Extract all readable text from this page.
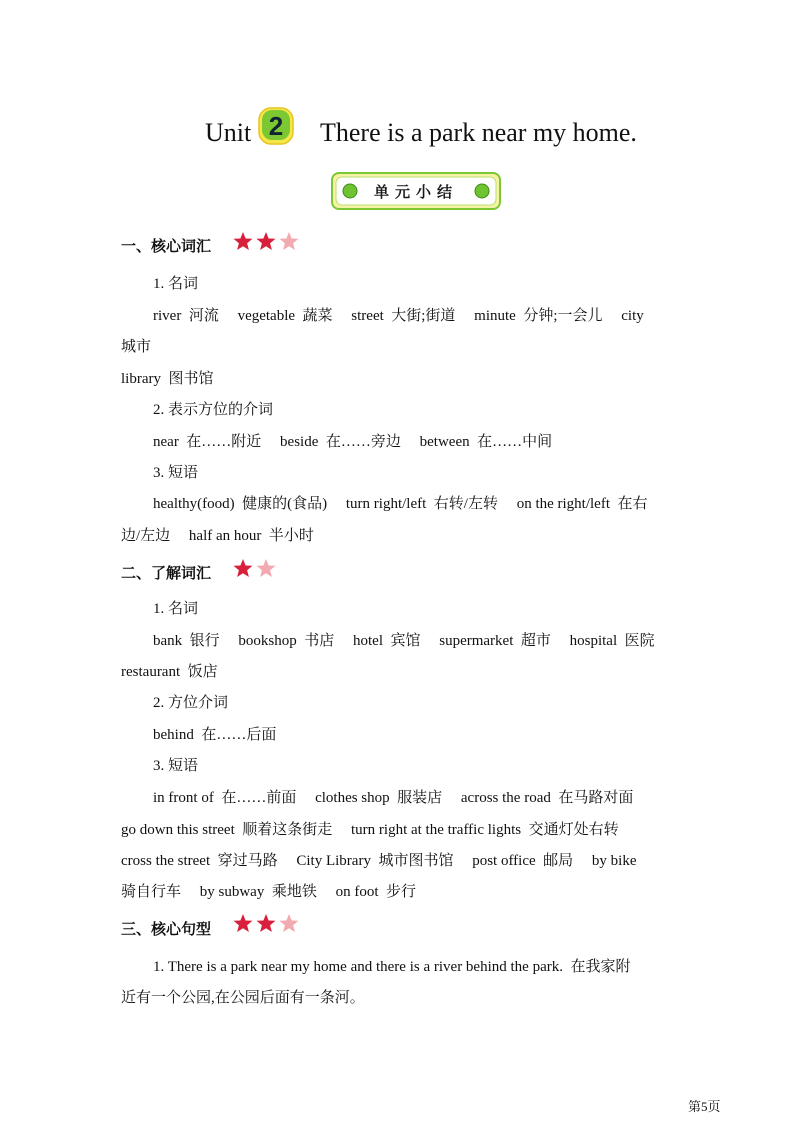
Unit 2 There is a park near my home.
单元小结
一、核心词汇
1. 名词
river  河流     vegetable  蔬菜     street  大街;街道     minute  分钟;一会儿     city
城市
library  图书馆
2. 表示方位的介词
near  在……附近     beside  在……旁边     between  在……中间
3. 短语
healthy(food)  健康的(食品)     turn right/left  右转/左转     on the right/left  在右
边/左边     half an hour  半小时
二、了解词汇
1. 名词
bank  银行     bookshop  书店     hotel  宾馆     supermarket  超市     hospital  医院
restaurant  饭店
2. 方位介词
behind  在……后面
3. 短语
in front of  在……前面     clothes shop  服装店     across the road  在马路对面
go down this street  顺着这条街走     turn right at the traffic lights  交通灯处右转
cross the street  穿过马路     City Library  城市图书馆     post office  邮局     by bike
骑自行车     by subway  乘地铁     on foot  步行
三、核心句型
1. There is a park near my home and there is a river behind the park.  在我家附
近有一个公园,在公园后面有一条河。
第5页
